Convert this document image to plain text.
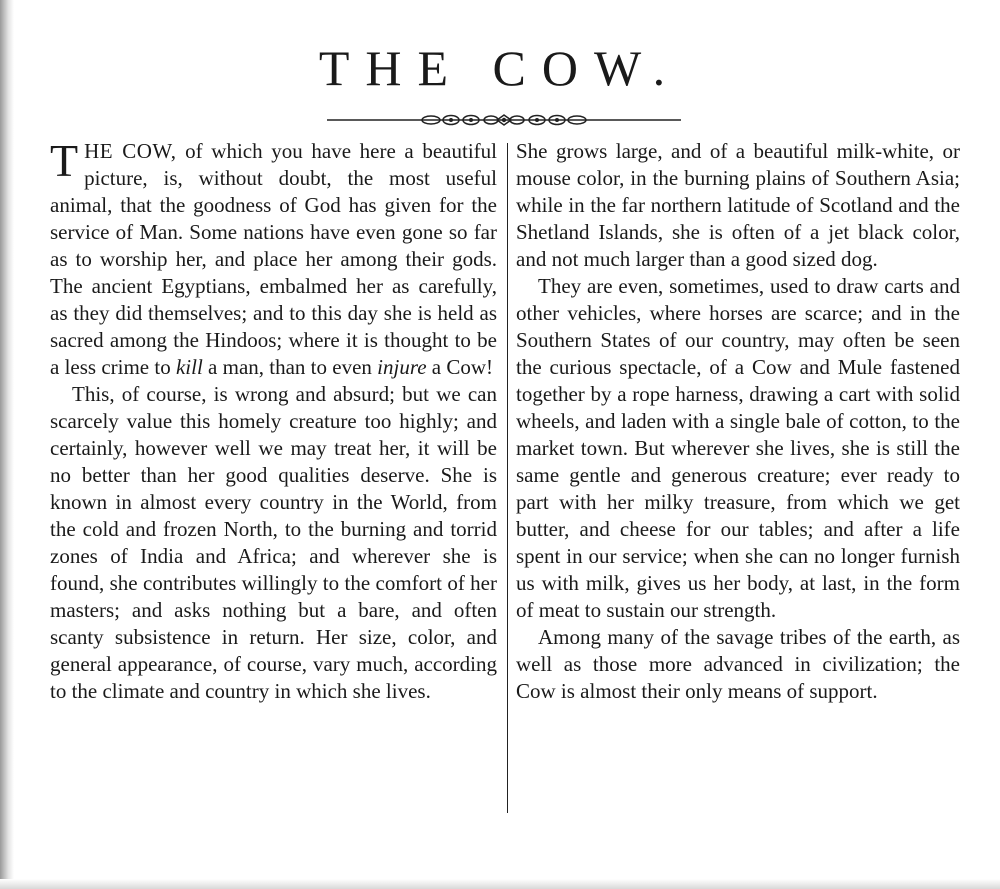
THE COW.

THE COW, of which you have here a beautiful picture, is, without doubt, the most useful animal, that the goodness of God has given for the service of Man. Some nations have even gone so far as to worship her, and place her among their gods. The ancient Egyptians, embalmed her as carefully, as they did themselves; and to this day she is held as sacred among the Hindoos; where it is thought to be a less crime to kill a man, than to even injure a Cow!

This, of course, is wrong and absurd; but we can scarcely value this homely creature too highly; and certainly, however well we may treat her, it will be no better than her good qualities deserve. She is known in almost every country in the World, from the cold and frozen North, to the burning and torrid zones of India and Africa; and wherever she is found, she contributes willingly to the comfort of her masters; and asks nothing but a bare, and often scanty subsistence in return. Her size, color, and general appearance, of course, vary much, according to the climate and country in which she lives.

She grows large, and of a beautiful milk-white, or mouse color, in the burning plains of Southern Asia; while in the far northern latitude of Scotland and the Shetland Islands, she is often of a jet black color, and not much larger than a good sized dog.

They are even, sometimes, used to draw carts and other vehicles, where horses are scarce; and in the Southern States of our country, may often be seen the curious spectacle, of a Cow and Mule fastened together by a rope harness, drawing a cart with solid wheels, and laden with a single bale of cotton, to the market town. But wherever she lives, she is still the same gentle and generous creature; ever ready to part with her milky treasure, from which we get butter, and cheese for our tables; and after a life spent in our service; when she can no longer furnish us with milk, gives us her body, at last, in the form of meat to sustain our strength.

Among many of the savage tribes of the earth, as well as those more advanced in civilization; the Cow is almost their only means of support.
